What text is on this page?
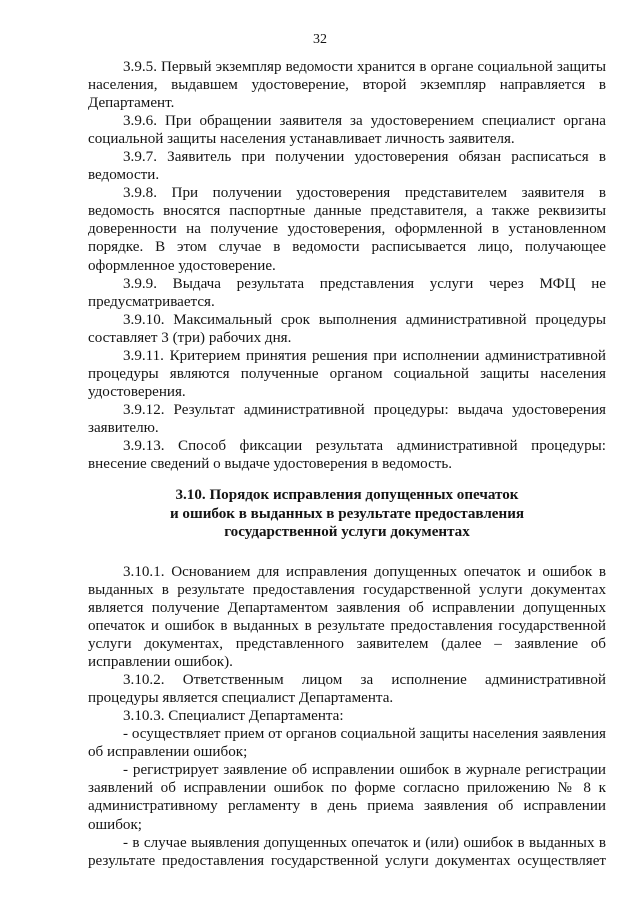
32

3.9.5. Первый экземпляр ведомости хранится в органе социальной защиты населения, выдавшем удостоверение, второй экземпляр направляется в Департамент.

3.9.6. При обращении заявителя за удостоверением специалист органа социальной защиты населения устанавливает личность заявителя.

3.9.7. Заявитель при получении удостоверения обязан расписаться в ведомости.

3.9.8. При получении удостоверения представителем заявителя в ведомость вносятся паспортные данные представителя, а также реквизиты доверенности на получение удостоверения, оформленной в установленном порядке. В этом случае в ведомости расписывается лицо, получающее оформленное удостоверение.

3.9.9. Выдача результата представления услуги через МФЦ не предусматривается.

3.9.10. Максимальный срок выполнения административной процедуры составляет 3 (три) рабочих дня.

3.9.11. Критерием принятия решения при исполнении административной процедуры являются полученные органом социальной защиты населения удостоверения.

3.9.12. Результат административной процедуры: выдача удостоверения заявителю.

3.9.13. Способ фиксации результата административной процедуры: внесение сведений о выдаче удостоверения в ведомость.

3.10. Порядок исправления допущенных опечаток
и ошибок в выданных в результате предоставления
государственной услуги документах

3.10.1. Основанием для исправления допущенных опечаток и ошибок в выданных в результате предоставления государственной услуги документах является получение Департаментом заявления об исправлении допущенных опечаток и ошибок в выданных в результате предоставления государственной услуги документах, представленного заявителем (далее – заявление об исправлении ошибок).

3.10.2. Ответственным лицом за исполнение административной процедуры является специалист Департамента.

3.10.3. Специалист Департамента:

- осуществляет прием от органов социальной защиты населения заявления об исправлении ошибок;

- регистрирует заявление об исправлении ошибок в журнале регистрации заявлений об исправлении ошибок по форме согласно приложению № 8 к административному регламенту в день приема заявления об исправлении ошибок;

- в случае выявления допущенных опечаток и (или) ошибок в выданных в результате предоставления государственной услуги документах осуществляет
